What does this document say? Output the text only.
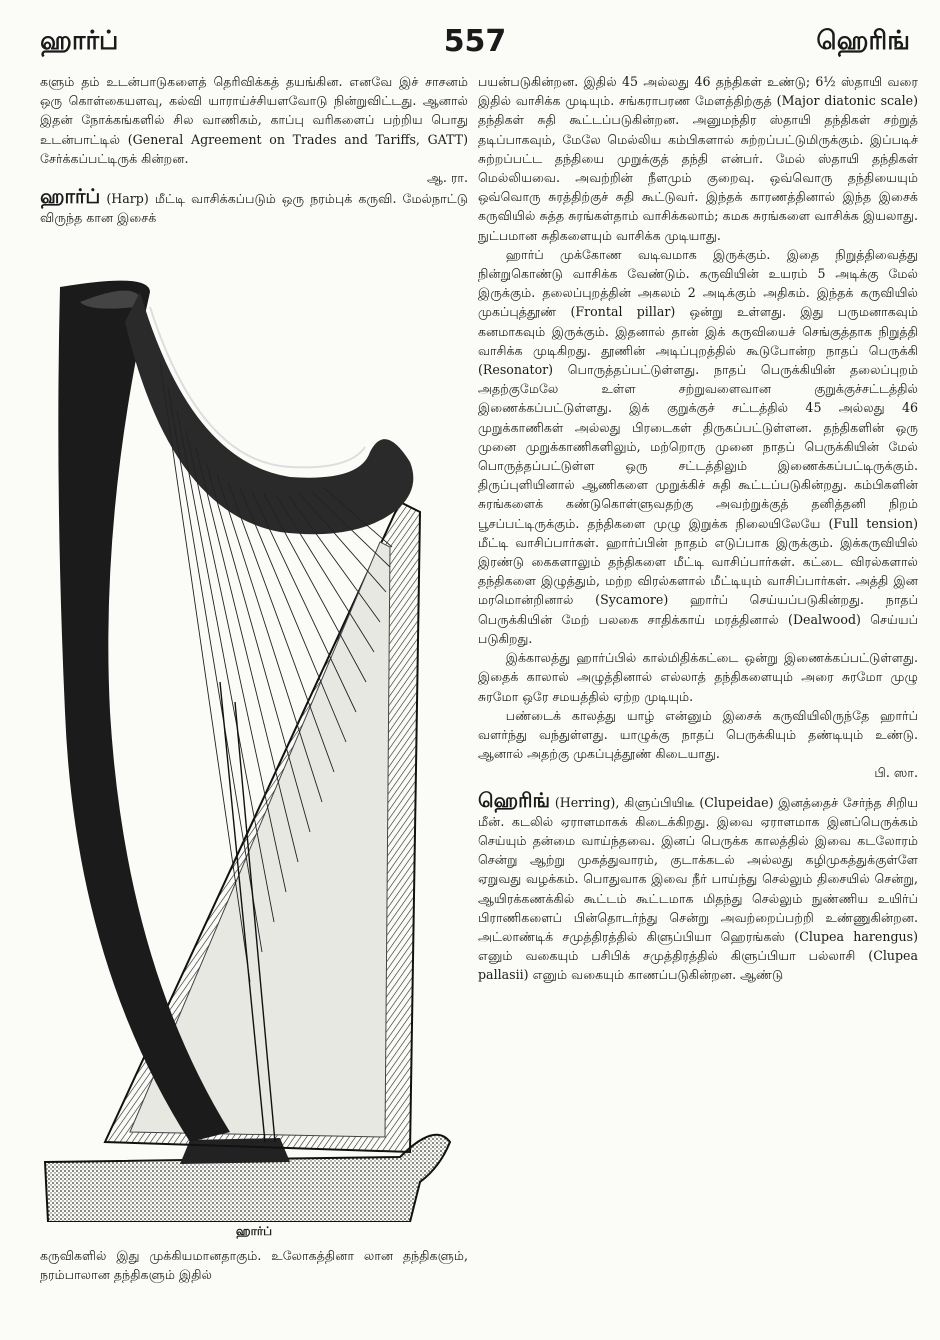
ஹார்ப்	557	ஹெரிங்

களும் தம் உடன்பாடுகளைத் தெரிவிக்கத் தயங்கின. எனவே இச் சாசனம் ஒரு கொள்கையளவு, கல்வி யாராய்ச்சியளவோடு நின்றுவிட்டது. ஆனால் இதன் நோக்கங்களில் சில வாணிகம், காப்பு வரிகளைப் பற்றிய பொது உடன்பாட்டில் (General Agreement on Trades and Tariffs, GATT) சேர்க்கப்பட்டிருக் கின்றன.

ஆ. ரா.

ஹார்ப் (Harp) மீட்டி வாசிக்கப்படும் ஒரு நரம்புக் கருவி. மேல்நாட்டு விருந்த கான இசைக்

ஹார்ப்
கருவிகளில் இது முக்கியமானதாகும். உலோகத்தினா லான தந்திகளும், நரம்பாலான தந்திகளும் இதில்

பயன்படுகின்றன. இதில் 45 அல்லது 46 தந்திகள் உண்டு; 6½ ஸ்தாயி வரை இதில் வாசிக்க முடியும். சங்கராபரண மேளத்திற்குத் (Major diatonic scale) தந்திகள் சுதி கூட்டப்படுகின்றன. அனுமந்திர ஸ்தாயி தந்திகள் சற்றுத் தடிப்பாகவும், மேலே மெல்லிய கம்பிகளால் சுற்றப்பட்டுமிருக்கும். இப்படிச் சுற்றப்பட்ட தந்தியை முறுக்குத் தந்தி என்பர். மேல் ஸ்தாயி தந்திகள் மெல்லியவை. அவற்றின் நீளமும் குறைவு. ஒவ்வொரு தந்தியையும் ஒவ்வொரு சுரத்திற்குச் சுதி கூட்டுவர். இந்தக் காரணத்தினால் இந்த இசைக் கருவியில் சுத்த சுரங்கள்தாம் வாசிக்கலாம்; கமக சுரங்களை வாசிக்க இயலாது. நுட்பமான சுதிகளையும் வாசிக்க முடியாது.

ஹார்ப் முக்கோண வடிவமாக இருக்கும். இதை நிறுத்திவைத்து நின்றுகொண்டு வாசிக்க வேண்டும். கருவியின் உயரம் 5 அடிக்கு மேல் இருக்கும். தலைப்புறத்தின் அகலம் 2 அடிக்கும் அதிகம். இந்தக் கருவியில் முகப்புத்தூண் (Frontal pillar) ஒன்று உள்ளது. இது பருமனாகவும் கனமாகவும் இருக்கும். இதனால் தான் இக் கருவியைச் செங்குத்தாக நிறுத்தி வாசிக்க முடிகிறது. தூணின் அடிப்புறத்தில் கூடுபோன்ற நாதப் பெருக்கி (Resonator) பொருத்தப்பட்டுள்ளது. நாதப் பெருக்கியின் தலைப்புறம் அதற்குமேலே உள்ள சற்றுவளைவான குறுக்குச்சட்டத்தில் இணைக்கப்பட்டுள்ளது. இக் குறுக்குச் சட்டத்தில் 45 அல்லது 46 முறுக்காணிகள் அல்லது பிரடைகள் திருகப்பட்டுள்ளன. தந்திகளின் ஒரு முனை முறுக்காணிகளிலும், மற்றொரு முனை நாதப் பெருக்கியின் மேல் பொருத்தப்பட்டுள்ள ஒரு சட்டத்திலும் இணைக்கப்பட்டிருக்கும். திருப்புளியினால் ஆணிகளை முறுக்கிச் சுதி கூட்டப்படுகின்றது. கம்பிகளின் சுரங்களைக் கண்டுகொள்ளுவதற்கு அவற்றுக்குத் தனித்தனி நிறம் பூசப்பட்டிருக்கும். தந்திகளை முழு இறுக்க நிலையிலேயே (Full tension) மீட்டி வாசிப்பார்கள். ஹார்ப்பின் நாதம் எடுப்பாக இருக்கும். இக்கருவியில் இரண்டு கைகளாலும் தந்திகளை மீட்டி வாசிப்பார்கள். கட்டை விரல்களால் தந்திகளை இழுத்தும், மற்ற விரல்களால் மீட்டியும் வாசிப்பார்கள். அத்தி இன மரமொன்றினால் (Sycamore) ஹார்ப் செய்யப்படுகின்றது. நாதப் பெருக்கியின் மேற் பலகை சாதிக்காய் மரத்தினால் (Dealwood) செய்யப் படுகிறது.

இக்காலத்து ஹார்ப்பில் கால்மிதிக்கட்டை ஒன்று இணைக்கப்பட்டுள்ளது. இதைக் காலால் அழுத்தினால் எல்லாத் தந்திகளையும் அரை சுரமோ முழு சுரமோ ஒரே சமயத்தில் ஏற்ற முடியும்.

பண்டைக் காலத்து யாழ் என்னும் இசைக் கருவியிலிருந்தே ஹார்ப் வளர்ந்து வந்துள்ளது. யாழுக்கு நாதப் பெருக்கியும் தண்டியும் உண்டு. ஆனால் அதற்கு முகப்புத்தூண் கிடையாது.

பி. ஸா.

ஹெரிங் (Herring), கிளுப்பியிடீ (Clupeidae) இனத்தைச் சேர்ந்த சிறிய மீன். கடலில் ஏராளமாகக் கிடைக்கிறது. இவை ஏராளமாக இனப்பெருக்கம் செய்யும் தன்மை வாய்ந்தவை. இனப் பெருக்க காலத்தில் இவை கடலோரம் சென்று ஆற்று முகத்துவாரம், குடாக்கடல் அல்லது கழிமுகத்துக்குள்ளே ஏறுவது வழக்கம். பொதுவாக இவை நீர் பாய்ந்து செல்லும் திசையில் சென்று, ஆயிரக்கணக்கில் கூட்டம் கூட்டமாக மிதந்து செல்லும் நுண்ணிய உயிர்ப் பிராணிகளைப் பின்தொடர்ந்து சென்று அவற்றைப்பற்றி உண்ணுகின்றன. அட்லாண்டிக் சமுத்திரத்தில் கிளுப்பியா ஹெரங்கஸ் (Clupea harengus) எனும் வகையும் பசிபிக் சமுத்திரத்தில் கிளுப்பியா பல்லாசி (Clupea pallasii) எனும் வகையும் காணப்படுகின்றன. ஆண்டு
